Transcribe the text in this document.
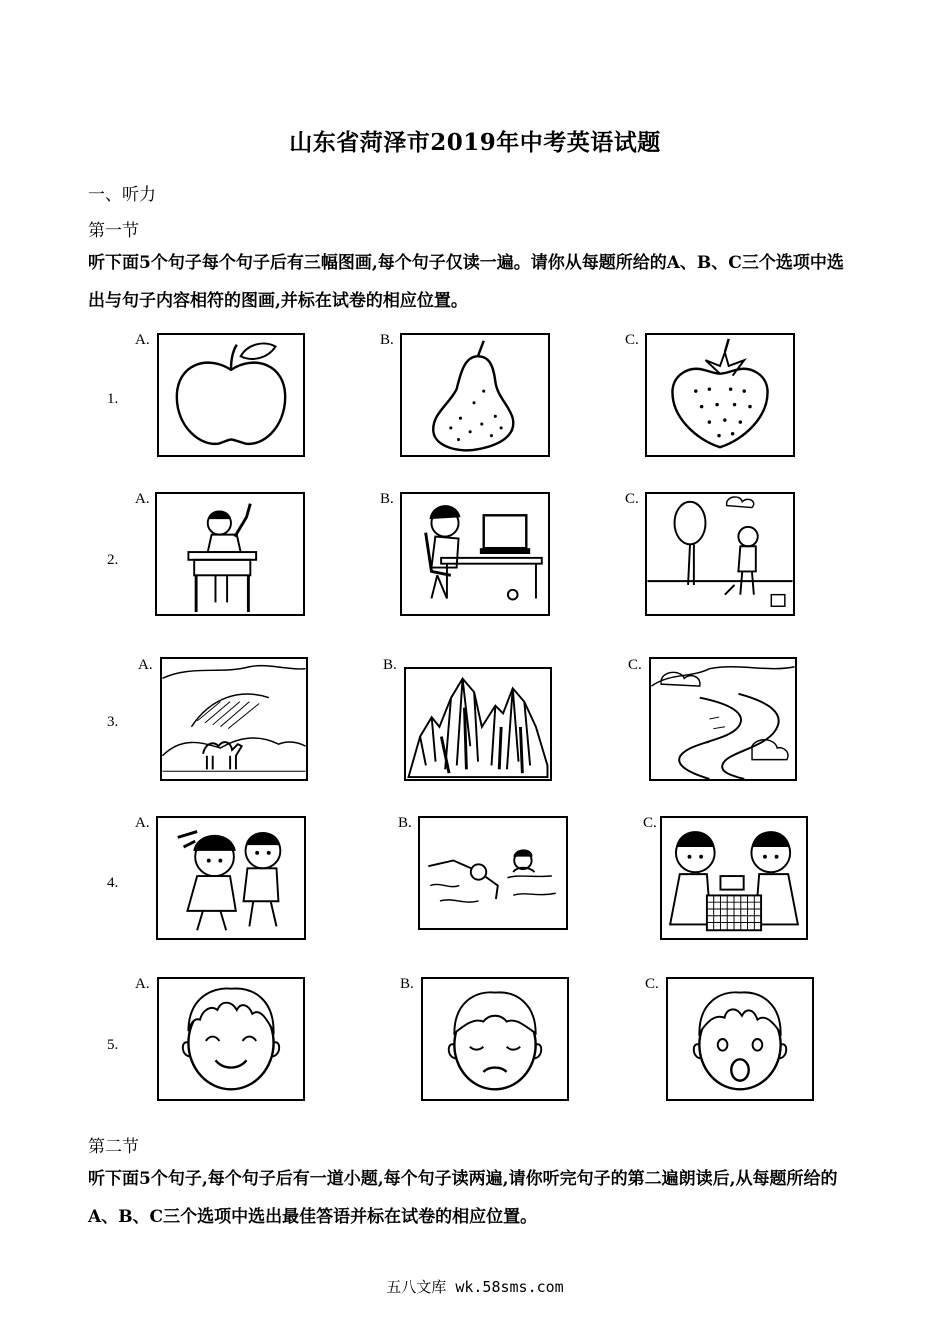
山东省菏泽市2019年中考英语试题
一、听力
第一节
听下面5个句子每个句子后有三幅图画,每个句子仅读一遍。请你从每题所给的A、B、C三个选项中选出与句子内容相符的图画,并标在试卷的相应位置。
1.
A.	B.	C.
2.
A.	B.	C.
3.
A.	B.	C.
4.
A.	B.	C.
5.
A.	B.	C.
第二节
听下面5个句子,每个句子后有一道小题,每个句子读两遍,请你听完句子的第二遍朗读后,从每题所给的A、B、C三个选项中选出最佳答语并标在试卷的相应位置。
五八文库 wk.58sms.com
